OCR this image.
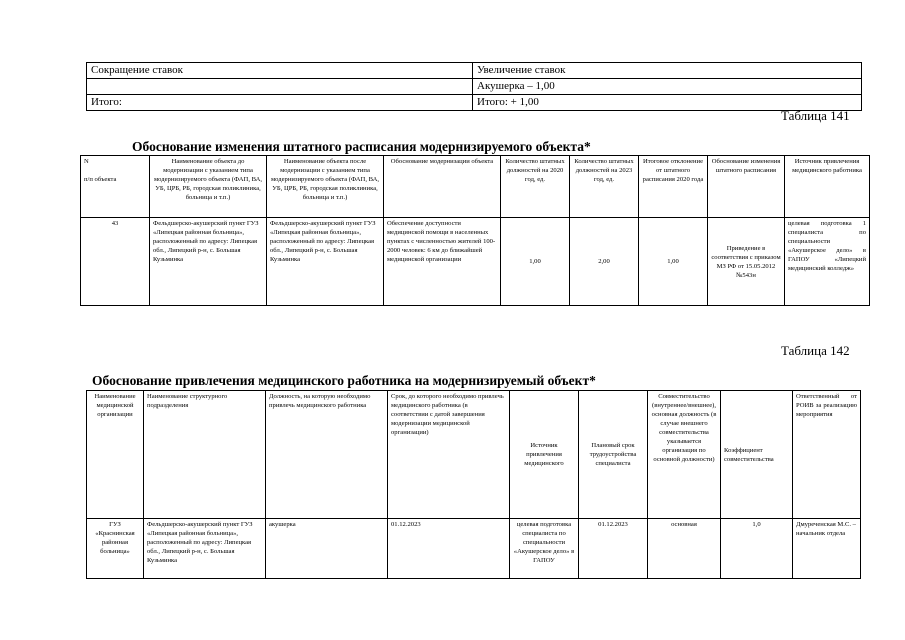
Сокращение ставок	Увеличение ставок
	Акушерка – 1,00
Итого:	Итого: + 1,00
Таблица 141
Обоснование изменения штатного расписания модернизируемого объекта*
N

п/п объекта	Наименование объекта до модернизации с указанием типа модернизируемого объекта (ФАП, ВА, УБ, ЦРБ, РБ, городская поликлиника, больница и т.п.)	Наименование объекта после модернизации с указанием типа модернизируемого объекта (ФАП, ВА, УБ, ЦРБ, РБ, городская поликлиника, больница и т.п.)	Обоснование модернизации объекта	Количество штатных должностей на 2020 год, ед.	Количество штатных должностей на 2023 год, ед.	Итоговое отклонение от штатного расписания 2020 года	Обоснование изменения штатного расписания	Источник привлечения медицинского работника
43	Фельдшерско-акушерский пункт ГУЗ «Липецкая районная больница», расположенный по адресу: Липецкая обл., Липецкий р-н, с. Большая Кузьминка	Фельдшерско-акушерский пункт ГУЗ «Липецкая районная больница», расположенный по адресу: Липецкая обл., Липецкий р-н, с. Большая Кузьминка	Обеспечение доступности медицинской помощи в населенных пунктах с численностью жителей 100-2000 человек: 6 км до ближайшей медицинской организации	1,00	2,00	1,00	Приведение в соответствия с приказом МЗ РФ от 15.05.2012 №543н	целевая подготовка 1 специалиста по специальности «Акушерское дело» в ГАПОУ «Липецкий медицинский колледж»
Таблица 142
Обоснование привлечения медицинского работника на модернизируемый объект*
Наименование медицинской организации	Наименование структурного подразделения	Должность, на которую необходимо привлечь медицинского работника	Срок, до которого необходимо привлечь медицинского работника (в соответствии с датой завершения модернизации медицинской организации)	Источник привлечения медицинского	Плановый срок трудоустройства специалиста	Совместительство (внутреннее/внешнее), основная должность (в случае внешнего совместительства указывается организация по основной должности)	Коэффициент совместительства	Ответственный от РОИВ за реализацию мероприятия
ГУЗ «Краснинская районная больница»	Фельдшерско-акушерский пункт ГУЗ «Липецкая районная больница», расположенный по адресу: Липецкая обл., Липецкий р-н, с. Большая Кузьминка	акушерка	01.12.2023	целевая подготовка специалиста по специальности «Акушерское дело» в ГАПОУ	01.12.2023	основная	1,0	Дмуреченская М.С. – начальник отдела
